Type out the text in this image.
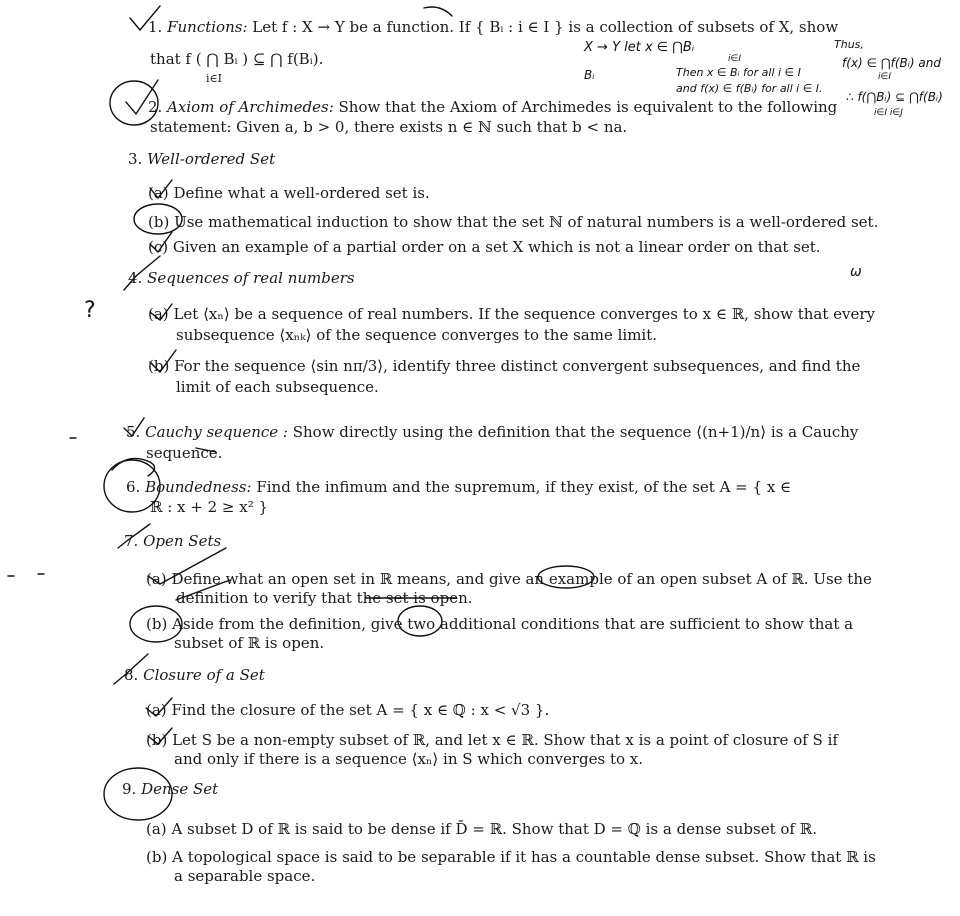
1. Functions: Let f : X → Y be a function. If { Bᵢ : i ∈ I } is a collection of subsets of X, show
that f ( ⋂ Bᵢ ) ⊆ ⋂ f(Bᵢ).
i∈I
2. Axiom of Archimedes: Show that the Axiom of Archimedes is equivalent to the following
statement: Given a, b > 0, there exists n ∈ ℕ such that b < na.
3. Well-ordered Set
(a) Define what a well-ordered set is.
(b) Use mathematical induction to show that the set ℕ of natural numbers is a well-ordered set.
(c) Given an example of a partial order on a set X which is not a linear order on that set.
4. Sequences of real numbers
(a) Let ⟨xₙ⟩ be a sequence of real numbers. If the sequence converges to x ∈ ℝ, show that every
subsequence ⟨xₙₖ⟩ of the sequence converges to the same limit.
(b) For the sequence ⟨sin nπ/3⟩, identify three distinct convergent subsequences, and find the
limit of each subsequence.
5. Cauchy sequence : Show directly using the definition that the sequence ⟨(n+1)/n⟩ is a Cauchy
sequence.
6. Boundedness: Find the infimum and the supremum, if they exist, of the set A = { x ∈
ℝ : x + 2 ≥ x² }
7. Open Sets
(a) Define what an open set in ℝ means, and give an example of an open subset A of ℝ. Use the
definition to verify that the set is open.
(b) Aside from the definition, give two additional conditions that are sufficient to show that a
subset of ℝ is open.
8. Closure of a Set
(a) Find the closure of the set A = { x ∈ ℚ : x < √3 }.
(b) Let S be a non-empty subset of ℝ, and let x ∈ ℝ. Show that x is a point of closure of S if
and only if there is a sequence ⟨xₙ⟩ in S which converges to x.
9. Dense Set
(a) A subset D of ℝ is said to be dense if D̄ = ℝ. Show that D = ℚ is a dense subset of ℝ.
(b) A topological space is said to be separable if it has a countable dense subset. Show that ℝ is
a separable space.
X → Y let x ∈ ⋂Bᵢ
i∈I
Bᵢ	Then x ∈ Bᵢ for all i ∈ I
and f(x) ∈ f(Bᵢ) for all i ∈ I.
Thus,
f(x) ∈ ⋂f(Bᵢ) and
i∈I
∴ f(⋂Bᵢ) ⊆ ⋂f(Bᵢ)
i∈I i∈J
?
ω
